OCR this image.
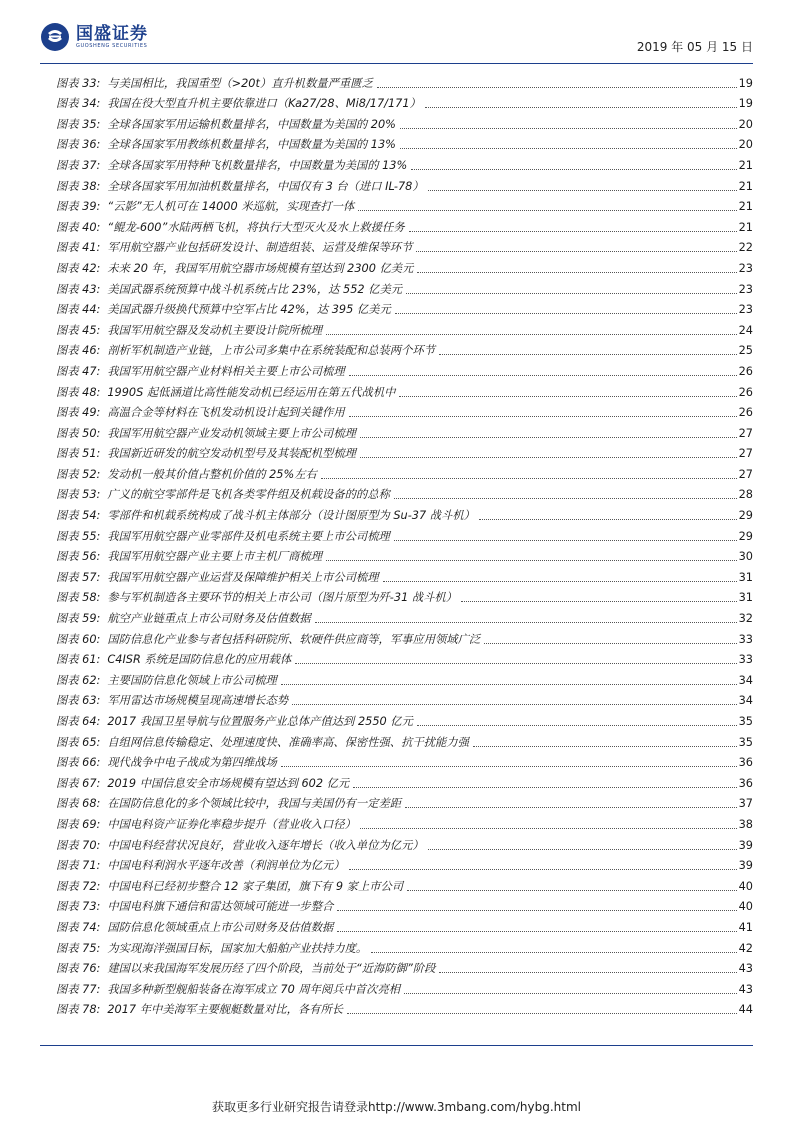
国盛证券
GUOSHENG SECURITIES	2019 年 05 月 15 日
图表 33: 与美国相比，我国重型（>20t）直升机数量严重匮乏	19
图表 34: 我国在役大型直升机主要依靠进口（Ka27/28、Mi8/17/171）	19
图表 35: 全球各国家军用运输机数量排名，中国数量为美国的 20%	20
图表 36: 全球各国家军用教练机数量排名，中国数量为美国的 13%	20
图表 37: 全球各国家军用特种飞机数量排名，中国数量为美国的 13%	21
图表 38: 全球各国家军用加油机数量排名，中国仅有 3 台（进口 IL-78）	21
图表 39: “云影”无人机可在 14000 米巡航，实现查打一体	21
图表 40: “鲲龙-600”水陆两栖飞机，将执行大型灭火及水上救援任务	21
图表 41: 军用航空器产业包括研发设计、制造组装、运营及维保等环节	22
图表 42: 未来 20 年，我国军用航空器市场规模有望达到 2300 亿美元	23
图表 43: 美国武器系统预算中战斗机系统占比 23%，达 552 亿美元	23
图表 44: 美国武器升级换代预算中空军占比 42%，达 395 亿美元	23
图表 45: 我国军用航空器及发动机主要设计院所梳理	24
图表 46: 剖析军机制造产业链，上市公司多集中在系统装配和总装两个环节	25
图表 47: 我国军用航空器产业材料相关主要上市公司梳理	26
图表 48: 1990S 起低涵道比高性能发动机已经运用在第五代战机中	26
图表 49: 高温合金等材料在飞机发动机设计起到关键作用	26
图表 50: 我国军用航空器产业发动机领域主要上市公司梳理	27
图表 51: 我国新近研发的航空发动机型号及其装配机型梳理	27
图表 52: 发动机一般其价值占整机价值的 25%左右	27
图表 53: 广义的航空零部件是飞机各类零件组及机载设备的的总称	28
图表 54: 零部件和机载系统构成了战斗机主体部分（设计图原型为 Su-37 战斗机）	29
图表 55: 我国军用航空器产业零部件及机电系统主要上市公司梳理	29
图表 56: 我国军用航空器产业主要上市主机厂商梳理	30
图表 57: 我国军用航空器产业运营及保障维护相关上市公司梳理	31
图表 58: 参与军机制造各主要环节的相关上市公司（图片原型为歼-31 战斗机）	31
图表 59: 航空产业链重点上市公司财务及估值数据	32
图表 60: 国防信息化产业参与者包括科研院所、软硬件供应商等，军事应用领域广泛	33
图表 61: C4ISR 系统是国防信息化的应用载体	33
图表 62: 主要国防信息化领域上市公司梳理	34
图表 63: 军用雷达市场规模呈现高速增长态势	34
图表 64: 2017 我国卫星导航与位置服务产业总体产值达到 2550 亿元	35
图表 65: 自组网信息传输稳定、处理速度快、准确率高、保密性强、抗干扰能力强	35
图表 66: 现代战争中电子战成为第四维战场	36
图表 67: 2019 中国信息安全市场规模有望达到 602 亿元	36
图表 68: 在国防信息化的多个领域比较中，我国与美国仍有一定差距	37
图表 69: 中国电科资产证券化率稳步提升（营业收入口径）	38
图表 70: 中国电科经营状况良好，营业收入逐年增长（收入单位为亿元）	39
图表 71: 中国电科利润水平逐年改善（利润单位为亿元）	39
图表 72: 中国电科已经初步整合 12 家子集团，旗下有 9 家上市公司	40
图表 73: 中国电科旗下通信和雷达领域可能进一步整合	40
图表 74: 国防信息化领域重点上市公司财务及估值数据	41
图表 75: 为实现海洋强国目标，国家加大船舶产业扶持力度。	42
图表 76: 建国以来我国海军发展历经了四个阶段，当前处于“近海防御”阶段	43
图表 77: 我国多种新型舰船装备在海军成立 70 周年阅兵中首次亮相	43
图表 78: 2017 年中美海军主要舰艇数量对比，各有所长	44
获取更多行业研究报告请登录http://www.3mbang.com/hybg.html
